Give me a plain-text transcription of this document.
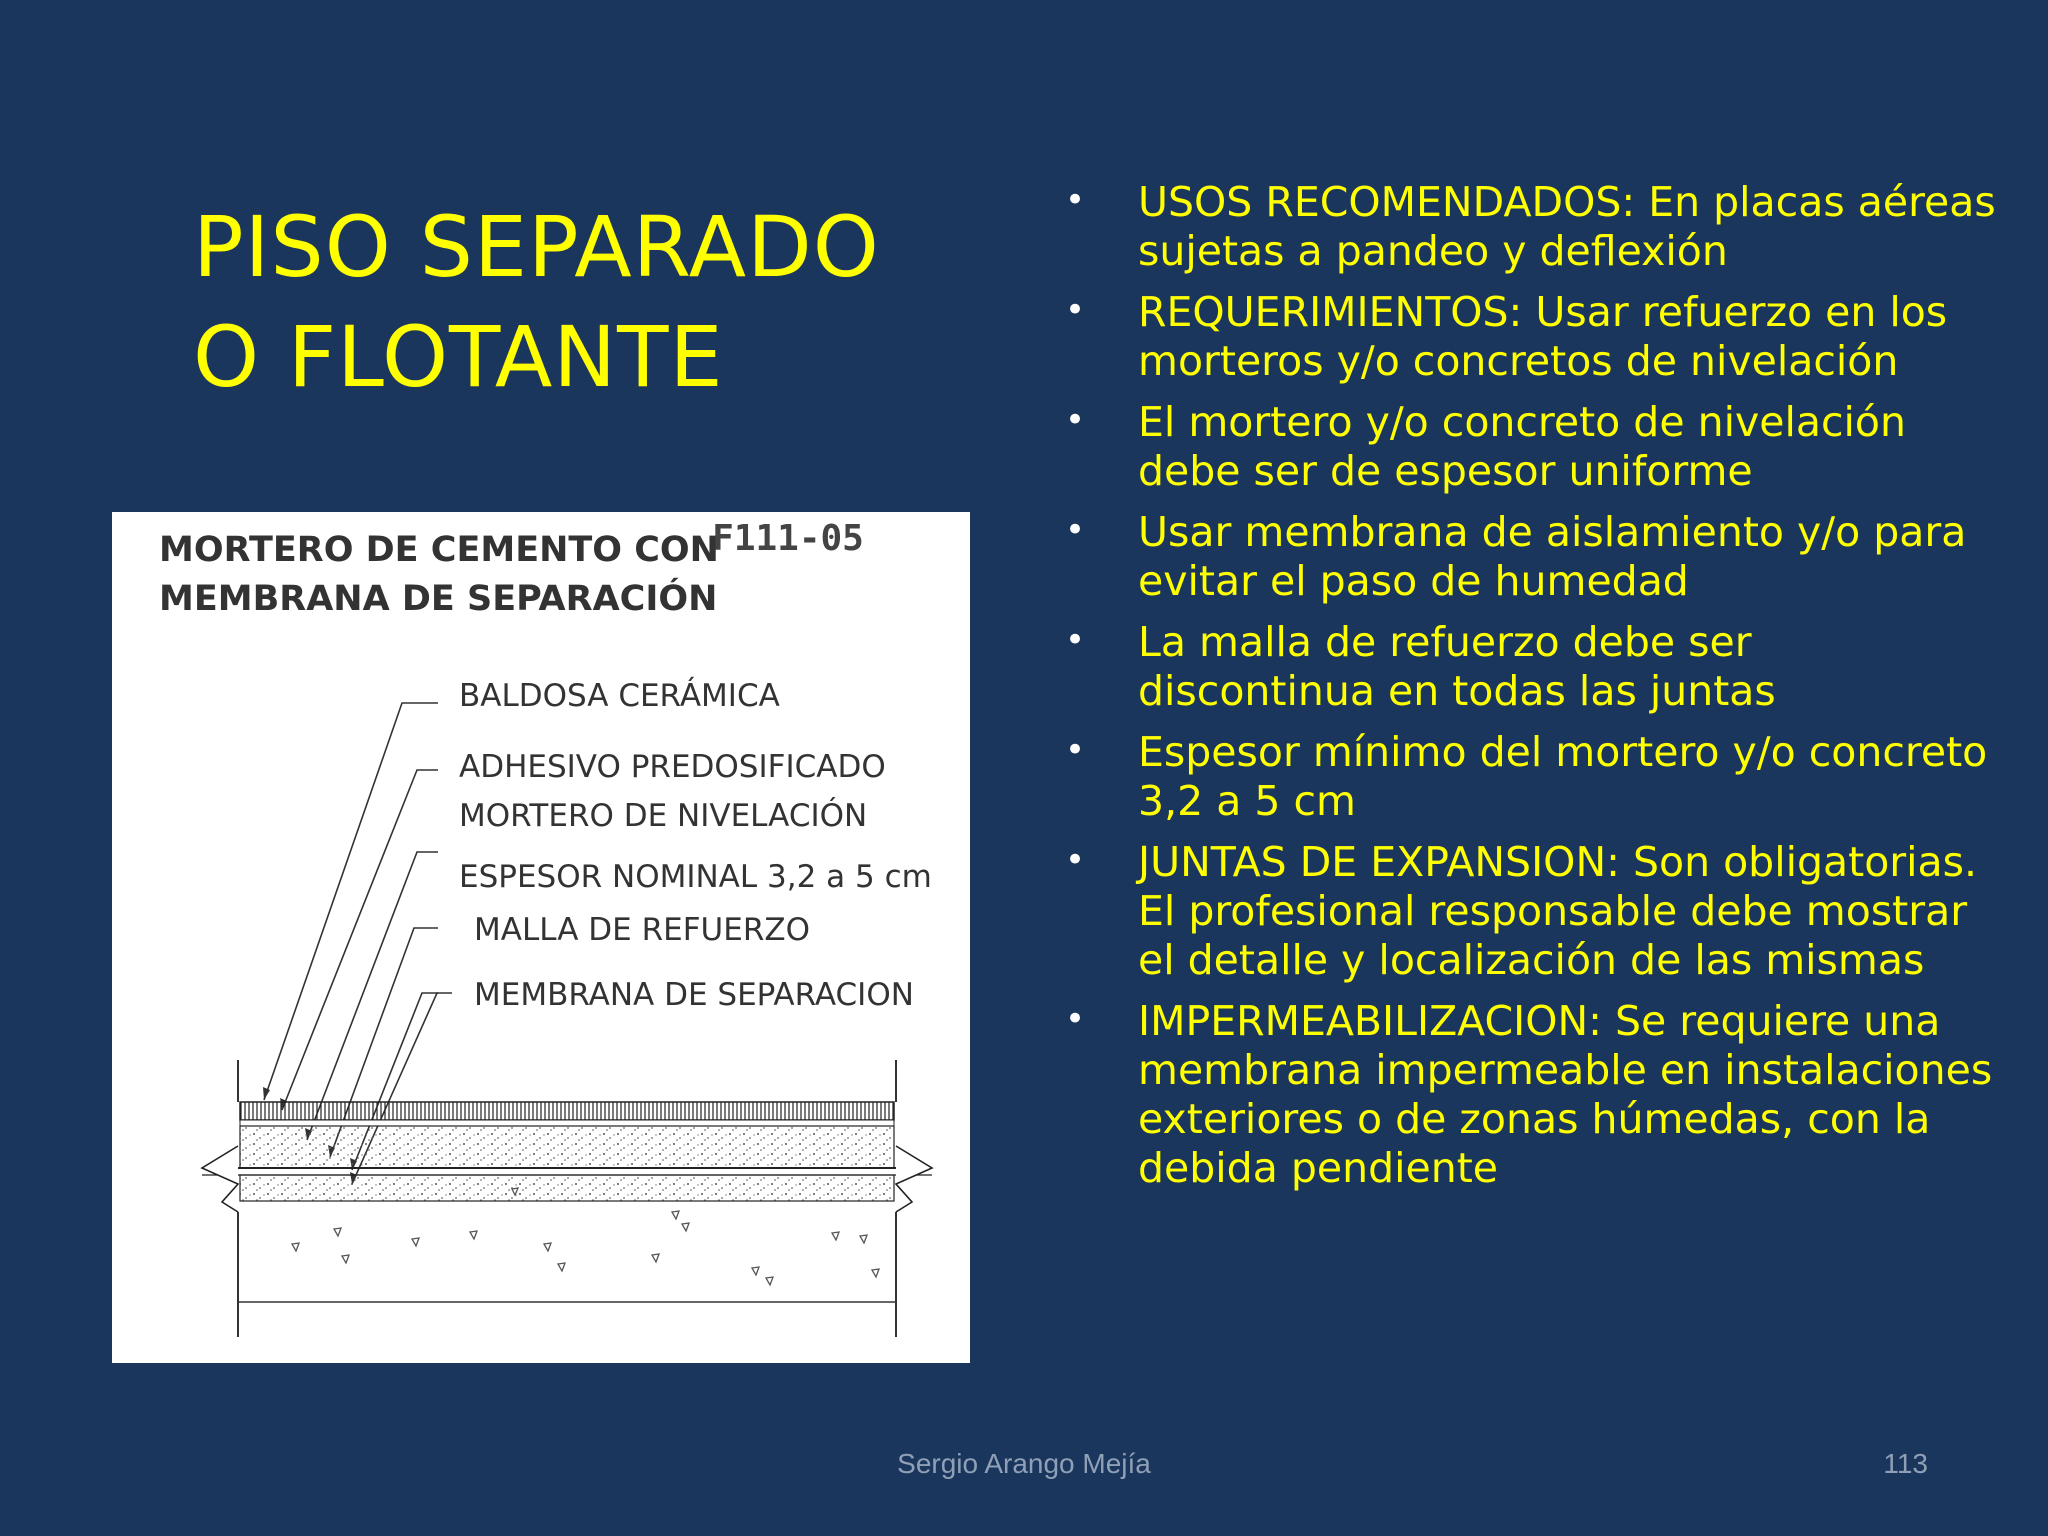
PISO SEPARADO
O FLOTANTE
MORTERO DE CEMENTO CON
MEMBRANA DE SEPARACIÓN
F111-05
BALDOSA CERÁMICA
ADHESIVO PREDOSIFICADO
MORTERO DE NIVELACIÓN
ESPESOR NOMINAL 3,2 a 5 cm
MALLA DE REFUERZO
MEMBRANA DE SEPARACION
• USOS RECOMENDADOS: En placas aéreas sujetas a pandeo y deflexión
• REQUERIMIENTOS: Usar refuerzo en los morteros y/o concretos de nivelación
• El mortero y/o concreto de nivelación debe ser de espesor uniforme
• Usar membrana de aislamiento y/o para evitar el paso de humedad
• La malla de refuerzo debe ser discontinua en todas las juntas
• Espesor mínimo del mortero y/o concreto 3,2 a 5 cm
• JUNTAS DE EXPANSION: Son obligatorias. El profesional responsable debe mostrar el detalle y localización de las mismas
• IMPERMEABILIZACION: Se requiere una membrana impermeable en instalaciones exteriores o de zonas húmedas, con la debida pendiente
Sergio Arango Mejía	113
